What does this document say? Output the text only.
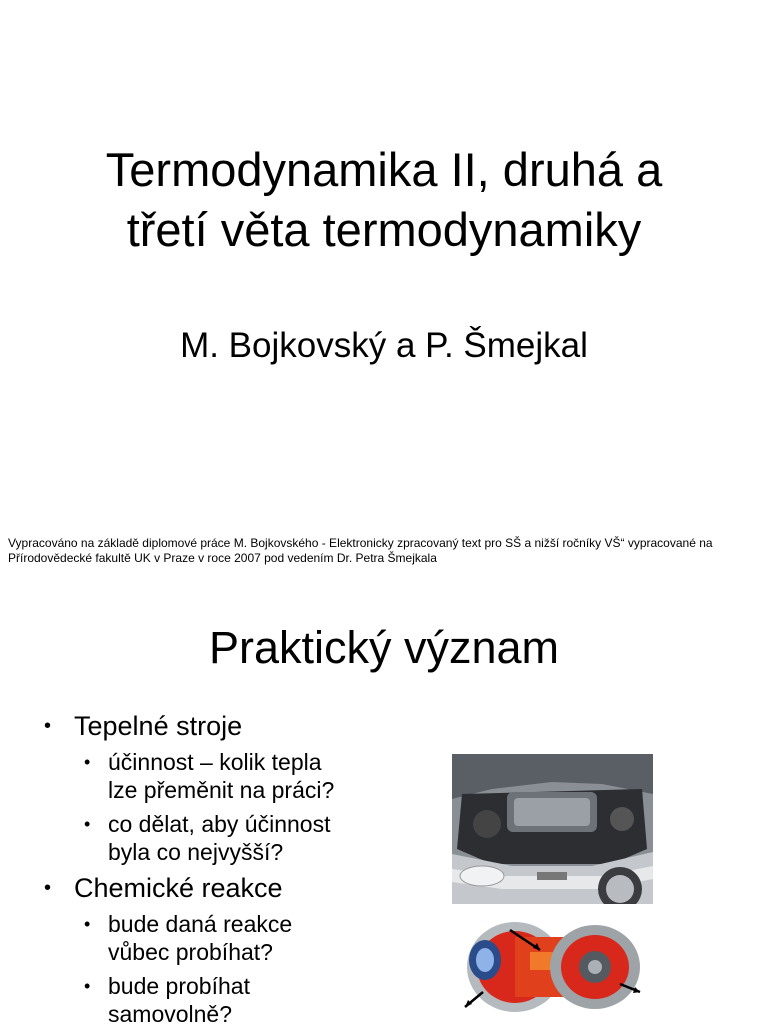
Termodynamika II, druhá a
třetí věta termodynamiky
M. Bojkovský a P. Šmejkal
Vypracováno na základě diplomové práce M. Bojkovského - Elektronicky zpracovaný text pro SŠ a nižší ročníky VŠ“ vypracované na
Přírodovědecké fakultě UK v Praze v roce 2007 pod vedením Dr. Petra Šmejkala
Praktický význam
• Tepelné stroje
• účinnost – kolik tepla
lze přeměnit na práci?
• co dělat, aby účinnost
byla co nejvyšší?
• Chemické reakce
• bude daná reakce
vůbec probíhat?
• bude probíhat
samovolně?
